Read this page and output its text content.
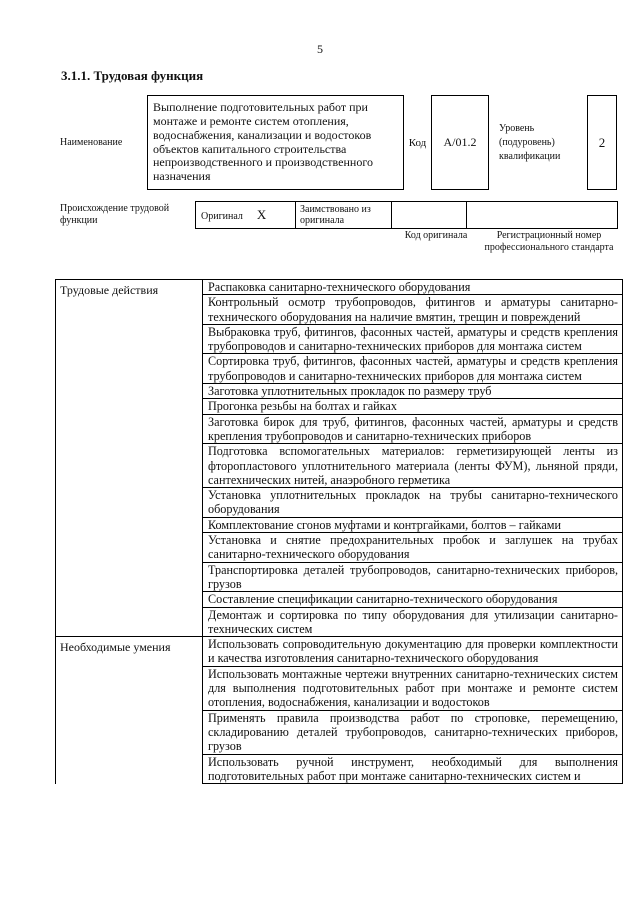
5
3.1.1. Трудовая функция
Наименование	Выполнение подготовительных работ при монтаже и ремонте систем отопления, водоснабжения, канализации и водостоков объектов капитального строительства непроизводственного и производственного назначения	Код	А/01.2	Уровень (подуровень) квалификации	2
Происхождение трудовой функции	Оригинал Х	Заимствовано из оригинала		
Код оригинала	Регистрационный номер профессионального стандарта
Трудовые действия	Распаковка санитарно-технического оборудования
	Контрольный осмотр трубопроводов, фитингов и арматуры санитарно-технического оборудования на наличие вмятин, трещин и повреждений
	Выбраковка труб, фитингов, фасонных частей, арматуры и средств крепления трубопроводов и санитарно-технических приборов для монтажа систем
	Сортировка труб, фитингов, фасонных частей, арматуры и средств крепления трубопроводов и санитарно-технических приборов для монтажа систем
	Заготовка уплотнительных прокладок по размеру труб
	Прогонка резьбы на болтах и гайках
	Заготовка бирок для труб, фитингов, фасонных частей, арматуры и средств крепления трубопроводов и санитарно-технических приборов
	Подготовка вспомогательных материалов: герметизирующей ленты из фторопластового уплотнительного материала (ленты ФУМ), льняной пряди, сантехнических нитей, анаэробного герметика
	Установка уплотнительных прокладок на трубы санитарно-технического оборудования
	Комплектование сгонов муфтами и контргайками, болтов – гайками
	Установка и снятие предохранительных пробок и заглушек на трубах санитарно-технического оборудования
	Транспортировка деталей трубопроводов, санитарно-технических приборов, грузов
	Составление спецификации санитарно-технического оборудования
	Демонтаж и сортировка по типу оборудования для утилизации санитарно-технических систем
Необходимые умения	Использовать сопроводительную документацию для проверки комплектности и качества изготовления санитарно-технического оборудования
	Использовать монтажные чертежи внутренних санитарно-технических систем для выполнения подготовительных работ при монтаже и ремонте систем отопления, водоснабжения, канализации и водостоков
	Применять правила производства работ по строповке, перемещению, складированию деталей трубопроводов, санитарно-технических приборов, грузов
	Использовать ручной инструмент, необходимый для выполнения подготовительных работ при монтаже санитарно-технических систем и
